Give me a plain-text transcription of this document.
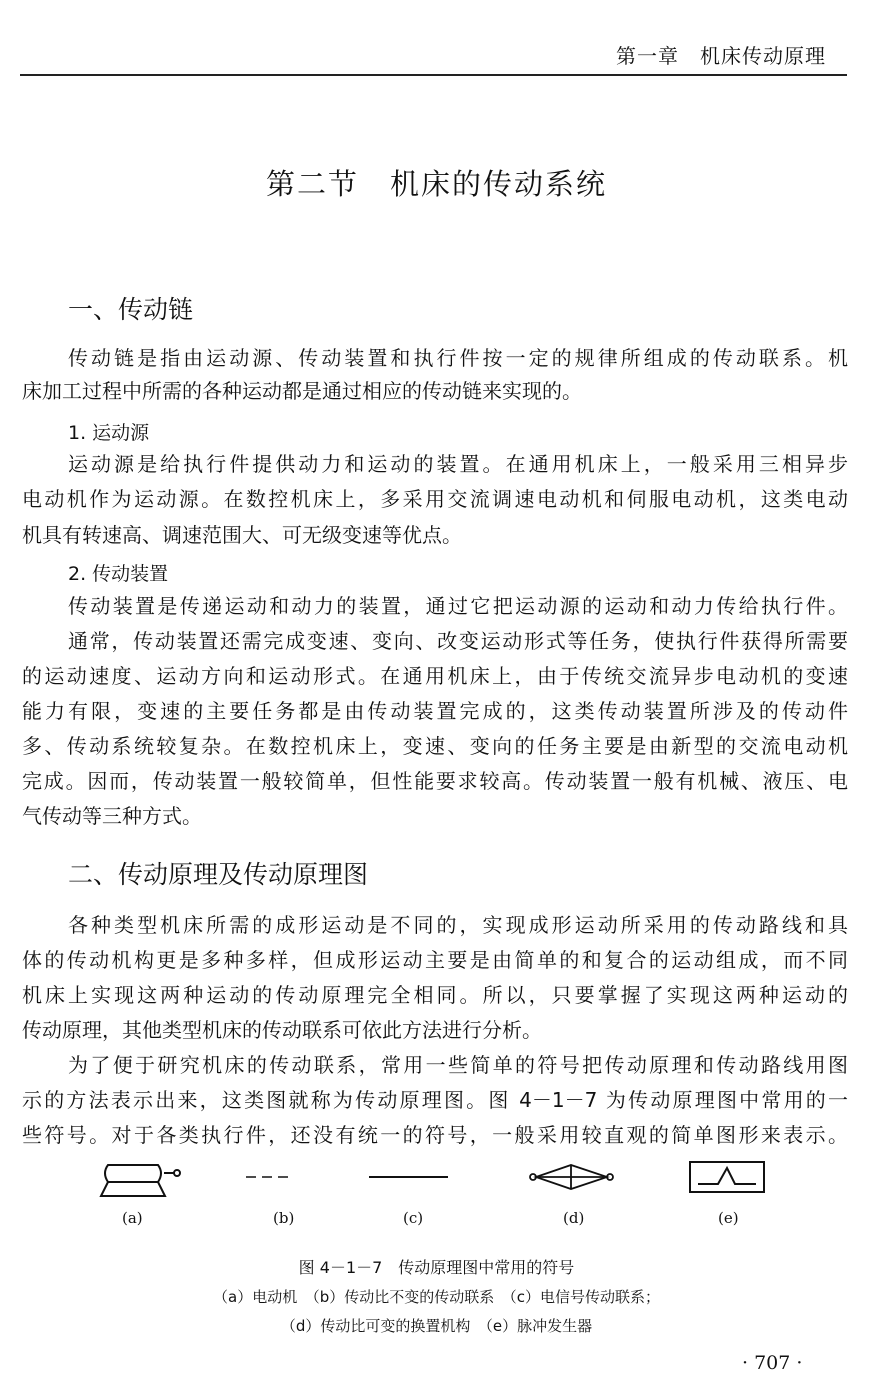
第一章　机床传动原理
第二节　机床的传动系统
一、传动链
传动链是指由运动源、传动装置和执行件按一定的规律所组成的传动联系。机
床加工过程中所需的各种运动都是通过相应的传动链来实现的。
1. 运动源
运动源是给执行件提供动力和运动的装置。在通用机床上，一般采用三相异步
电动机作为运动源。在数控机床上，多采用交流调速电动机和伺服电动机，这类电动
机具有转速高、调速范围大、可无级变速等优点。
2. 传动装置
传动装置是传递运动和动力的装置，通过它把运动源的运动和动力传给执行件。
通常，传动装置还需完成变速、变向、改变运动形式等任务，使执行件获得所需要
的运动速度、运动方向和运动形式。在通用机床上，由于传统交流异步电动机的变速
能力有限，变速的主要任务都是由传动装置完成的，这类传动装置所涉及的传动件
多、传动系统较复杂。在数控机床上，变速、变向的任务主要是由新型的交流电动机
完成。因而，传动装置一般较简单，但性能要求较高。传动装置一般有机械、液压、电
气传动等三种方式。
二、传动原理及传动原理图
各种类型机床所需的成形运动是不同的，实现成形运动所采用的传动路线和具
体的传动机构更是多种多样，但成形运动主要是由简单的和复合的运动组成，而不同
机床上实现这两种运动的传动原理完全相同。所以，只要掌握了实现这两种运动的
传动原理，其他类型机床的传动联系可依此方法进行分析。
为了便于研究机床的传动联系，常用一些简单的符号把传动原理和传动路线用图
示的方法表示出来，这类图就称为传动原理图。图 4－1－7 为传动原理图中常用的一
些符号。对于各类执行件，还没有统一的符号，一般采用较直观的简单图形来表示。
(a)	(b)	(c)	(d)	(e)
图 4－1－7　传动原理图中常用的符号
（a）电动机　（b）传动比不变的传动联系　（c）电信号传动联系；
（d）传动比可变的换置机构　（e）脉冲发生器
· 707 ·
